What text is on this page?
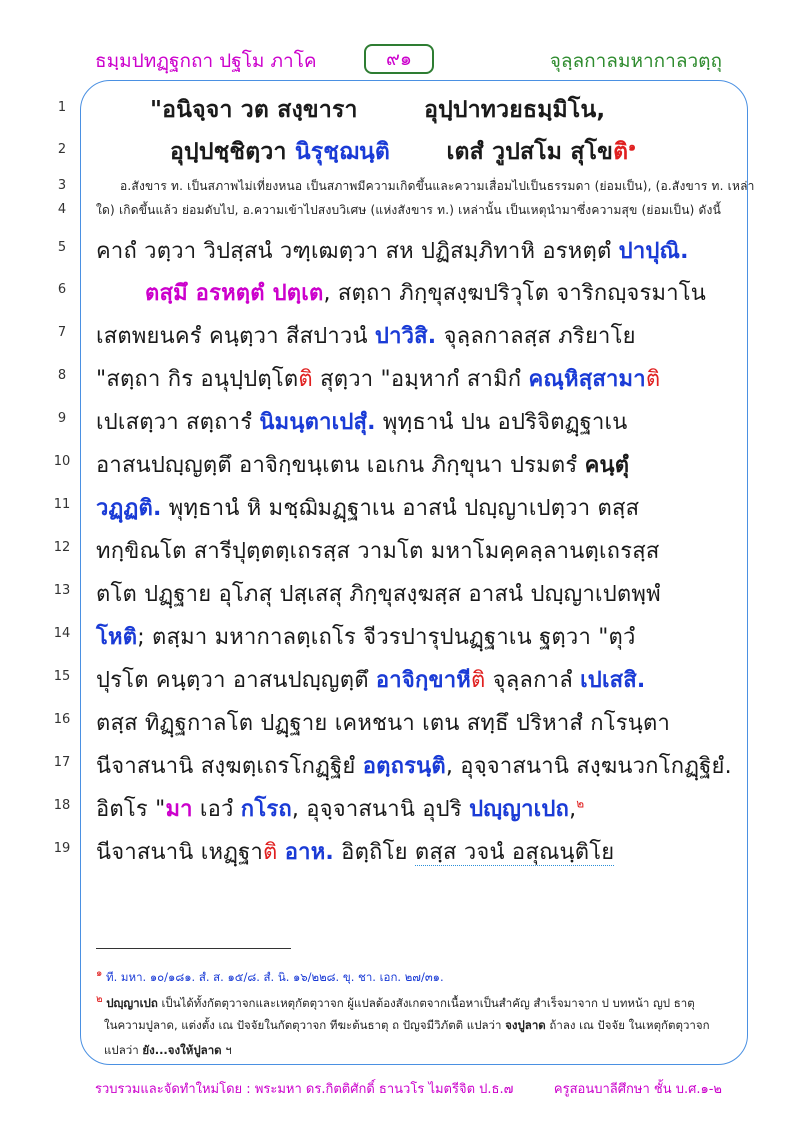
ธมฺมปทฏฺฐกถา ปฐโม ภาโค	๙๑	จุลฺลกาลมหากาลวตฺถุ
1	"อนิจฺจา วต สงฺขารา	อุปฺปาทวยธมฺมิโน,
2	อุปฺปชฺชิตฺวา นิรุชฺฌนฺติ เตสํ วูปสโม สุโขติ$^๑$
3	อ.สังขาร ท. เป็นสภาพไม่เที่ยงหนอ เป็นสภาพมีความเกิดขึ้นและความเสื่อมไปเป็นธรรมดา (ย่อมเป็น), (อ.สังขาร ท. เหล่า
4	ใด) เกิดขึ้นแล้ว ย่อมดับไป, อ.ความเข้าไปสงบวิเศษ (แห่งสังขาร ท.) เหล่านั้น เป็นเหตุนำมาซึ่งความสุข (ย่อมเป็น) ดังนี้
5	คาถํ วตฺวา วิปสฺสนํ วฑฺเฒตฺวา สห ปฏิสมฺภิทาหิ อรหตฺตํ ปาปุณิ.
6	ตสฺมึ อรหตฺตํ ปตฺเต, สตฺถา ภิกฺขุสงฺฆปริวุโต จาริกญฺจรมาโน
7	เสตพยนครํ คนฺตฺวา สีสปาวนํ ปาวิสิ. จุลฺลกาลสฺส ภริยาโย
8	"สตฺถา กิร อนุปฺปตฺโตติ สุตฺวา "อมฺหากํ สามิกํ คณฺหิสฺสามาติ
9	เปเสตฺวา สตฺถารํ นิมนฺตาเปสุํ. พุทฺธานํ ปน อปริจิตฏฺฐาเน
10	อาสนปญฺญตฺตึ อาจิกฺขนฺเตน เอเกน ภิกฺขุนา ปรมตรํ คนฺตุํ
11	วฏฺฏติ. พุทฺธานํ หิ มชฺฌิมฏฺฐาเน อาสนํ ปญฺญาเปตฺวา ตสฺส
12	ทกฺขิณโต สารีปุตฺตตฺเถรสฺส วามโต มหาโมคฺคลฺลานตฺเถรสฺส
13	ตโต ปฏฺฐาย อุโภสุ ปสฺเสสุ ภิกฺขุสงฺฆสฺส อาสนํ ปญฺญาเปตพฺพํ
14	โหติ; ตสฺมา มหากาลตฺเถโร จีวรปารุปนฏฺฐาเน ฐตฺวา "ตุวํ
15	ปุรโต คนฺตฺวา อาสนปญฺญตฺตึ อาจิกฺขาหีติ จุลฺลกาลํ เปเสสิ.
16	ตสฺส ทิฏฺฐกาลโต ปฏฺฐาย เคหชนา เตน สทฺธึ ปริหาสํ กโรนฺตา
17	นีจาสนานิ สงฺฆตฺเถรโกฏฺฐิยํ อตฺถรนฺติ, อุจฺจาสนานิ สงฺฆนวกโกฏฺฐิยํ.
18	อิตโร "มา เอวํ กโรถ, อุจฺจาสนานิ อุปริ ปญฺญาเปถ,$^๒$
19	นีจาสนานิ เหฏฺฐาติ อาห. อิตฺถิโย ตสฺส วจนํ อสุณนฺติโย
๑ ที. มหา. ๑๐/๑๘๑. สํ. ส. ๑๕/๘. สํ. นิ. ๑๖/๒๒๘. ขุ. ชา. เอก. ๒๗/๓๑.
๒ ปญฺญาเปถ เป็นได้ทั้งกัตตุวาจกและเหตุกัตตุวาจก ผู้แปลต้องสังเกตจากเนื้อหาเป็นสำคัญ สำเร็จมาจาก ป บทหน้า ญป ธาตุ
ในความปูลาด, แต่งตั้ง เณ ปัจจัยในกัตตุวาจก ทีฆะต้นธาตุ ถ ปัญจมีวิภัตติ แปลว่า จงปูลาด ถ้าลง เณ ปัจจัย ในเหตุกัตตุวาจก
แปลว่า ยัง...จงให้ปูลาด ฯ
รวบรวมและจัดทำใหม่โดย : พระมหา ดร.กิตติศักดิ์ ธานวโร ไมตรีจิต ป.ธ.๗	ครูสอนบาลีศึกษา ชั้น บ.ศ.๑-๒
